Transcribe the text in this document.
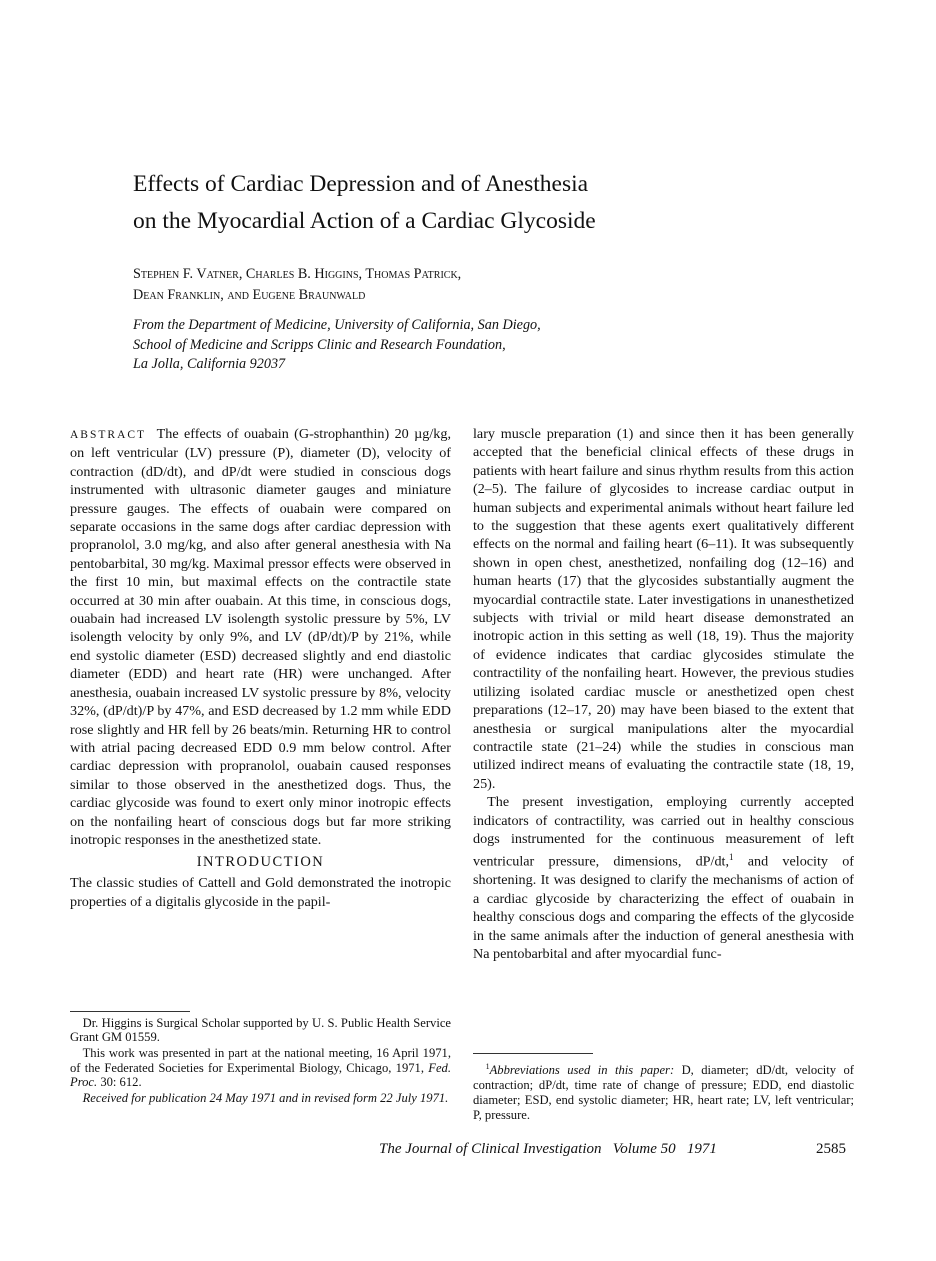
Effects of Cardiac Depression and of Anesthesia
on the Myocardial Action of a Cardiac Glycoside
Stephen F. Vatner, Charles B. Higgins, Thomas Patrick,
Dean Franklin, and Eugene Braunwald
From the Department of Medicine, University of California, San Diego,
School of Medicine and Scripps Clinic and Research Foundation,
La Jolla, California 92037

ABSTRACT The effects of ouabain (G-strophanthin) 20 µg/kg, on left ventricular (LV) pressure (P), diameter (D), velocity of contraction (dD/dt), and dP/dt were studied in conscious dogs instrumented with ultrasonic diameter gauges and miniature pressure gauges. The effects of ouabain were compared on separate occasions in the same dogs after cardiac depression with propranolol, 3.0 mg/kg, and also after general anesthesia with Na pentobarbital, 30 mg/kg. Maximal pressor effects were observed in the first 10 min, but maximal effects on the contractile state occurred at 30 min after ouabain. At this time, in conscious dogs, ouabain had increased LV isolength systolic pressure by 5%, LV isolength velocity by only 9%, and LV (dP/dt)/P by 21%, while end systolic diameter (ESD) decreased slightly and end diastolic diameter (EDD) and heart rate (HR) were unchanged. After anesthesia, ouabain increased LV systolic pressure by 8%, velocity 32%, (dP/dt)/P by 47%, and ESD decreased by 1.2 mm while EDD rose slightly and HR fell by 26 beats/min. Returning HR to control with atrial pacing decreased EDD 0.9 mm below control. After cardiac depression with propranolol, ouabain caused responses similar to those observed in the anesthetized dogs. Thus, the cardiac glycoside was found to exert only minor inotropic effects on the nonfailing heart of conscious dogs but far more striking inotropic responses in the anesthetized state.

INTRODUCTION

The classic studies of Cattell and Gold demonstrated the inotropic properties of a digitalis glycoside in the papil-

lary muscle preparation (1) and since then it has been generally accepted that the beneficial clinical effects of these drugs in patients with heart failure and sinus rhythm results from this action (2–5). The failure of glycosides to increase cardiac output in human subjects and experimental animals without heart failure led to the suggestion that these agents exert qualitatively different effects on the normal and failing heart (6–11). It was subsequently shown in open chest, anesthetized, nonfailing dog (12–16) and human hearts (17) that the glycosides substantially augment the myocardial contractile state. Later investigations in unanesthetized subjects with trivial or mild heart disease demonstrated an inotropic action in this setting as well (18, 19). Thus the majority of evidence indicates that cardiac glycosides stimulate the contractility of the nonfailing heart. However, the previous studies utilizing isolated cardiac muscle or anesthetized open chest preparations (12–17, 20) may have been biased to the extent that anesthesia or surgical manipulations alter the myocardial contractile state (21–24) while the studies in conscious man utilized indirect means of evaluating the contractile state (18, 19, 25).

The present investigation, employing currently accepted indicators of contractility, was carried out in healthy conscious dogs instrumented for the continuous measurement of left ventricular pressure, dimensions, dP/dt,$^1$ and velocity of shortening. It was designed to clarify the mechanisms of action of a cardiac glycoside by characterizing the effect of ouabain in healthy conscious dogs and comparing the effects of the glycoside in the same animals after the induction of general anesthesia with Na pentobarbital and after myocardial func-

Dr. Higgins is Surgical Scholar supported by U. S. Public Health Service Grant GM 01559.

This work was presented in part at the national meeting, 16 April 1971, of the Federated Societies for Experimental Biology, Chicago, 1971, Fed. Proc. 30: 612.

Received for publication 24 May 1971 and in revised form 22 July 1971.

$^1$Abbreviations used in this paper: D, diameter; dD/dt, velocity of contraction; dP/dt, time rate of change of pressure; EDD, end diastolic diameter; ESD, end systolic diameter; HR, heart rate; LV, left ventricular; P, pressure.

The Journal of Clinical Investigation Volume 50 1971	2585
